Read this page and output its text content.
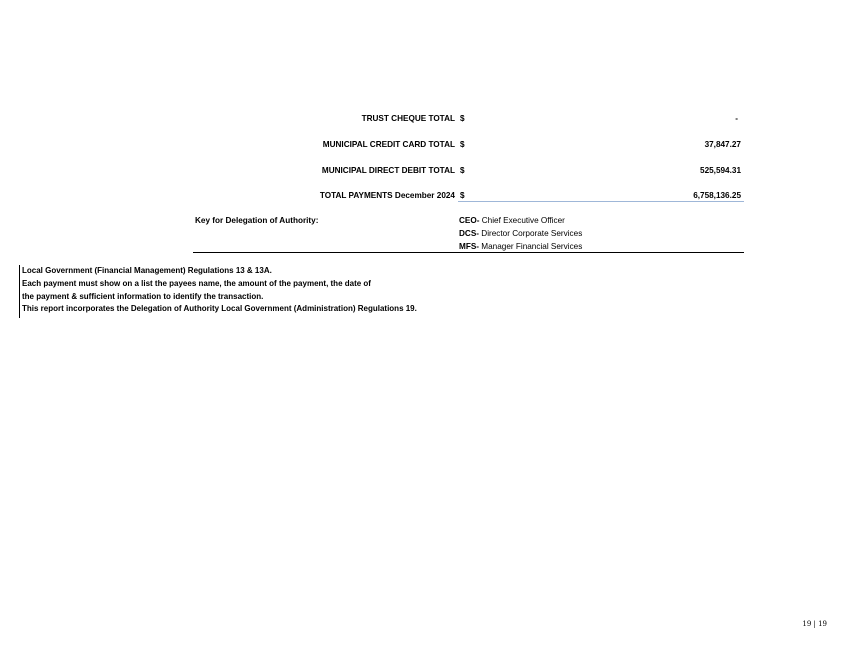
TRUST CHEQUE TOTAL $	-
MUNICIPAL CREDIT CARD TOTAL $	37,847.27
MUNICIPAL DIRECT DEBIT TOTAL $	525,594.31
TOTAL PAYMENTS December 2024 $	6,758,136.25
Key for Delegation of Authority:	CEO- Chief Executive Officer
DCS- Director Corporate Services
MFS- Manager Financial Services
Local Government (Financial Management) Regulations 13 & 13A.
Each payment must show on a list the payees name, the amount of the payment, the date of
the payment & sufficient information to identify the transaction.
This report incorporates the Delegation of Authority Local Government (Administration) Regulations 19.
19 | 19
